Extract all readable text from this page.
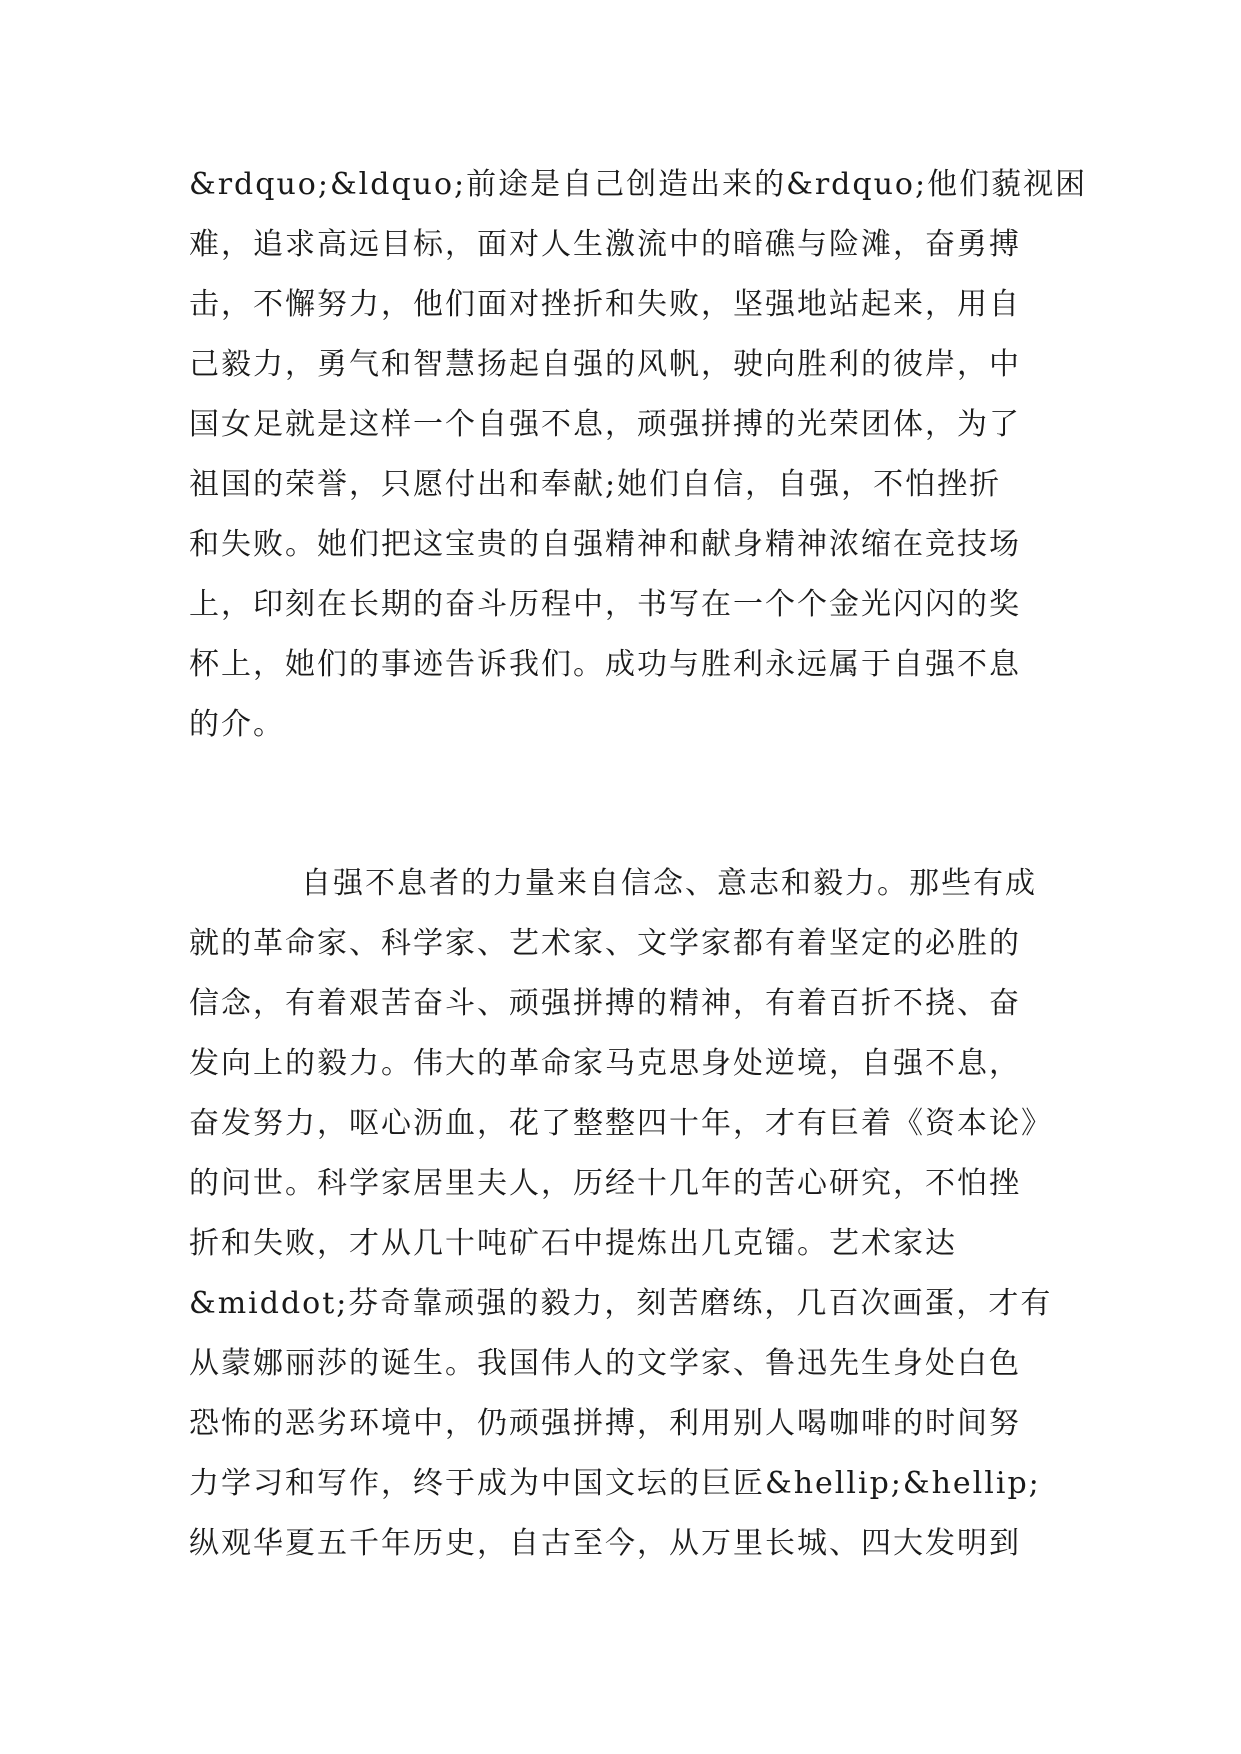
&rdquo;&ldquo;前途是自己创造出来的&rdquo;他们藐视困

难，追求高远目标，面对人生激流中的暗礁与险滩，奋勇搏

击，不懈努力，他们面对挫折和失败，坚强地站起来，用自

己毅力，勇气和智慧扬起自强的风帆，驶向胜利的彼岸，中

国女足就是这样一个自强不息，顽强拼搏的光荣团体，为了

祖国的荣誉，只愿付出和奉献;她们自信，自强，不怕挫折

和失败。她们把这宝贵的自强精神和献身精神浓缩在竞技场

上，印刻在长期的奋斗历程中，书写在一个个金光闪闪的奖

杯上，她们的事迹告诉我们。成功与胜利永远属于自强不息

的介。

自强不息者的力量来自信念、意志和毅力。那些有成

就的革命家、科学家、艺术家、文学家都有着坚定的必胜的

信念，有着艰苦奋斗、顽强拼搏的精神，有着百折不挠、奋

发向上的毅力。伟大的革命家马克思身处逆境，自强不息，

奋发努力，呕心沥血，花了整整四十年，才有巨着《资本论》

的问世。科学家居里夫人，历经十几年的苦心研究，不怕挫

折和失败，才从几十吨矿石中提炼出几克镭。艺术家达

&middot;芬奇靠顽强的毅力，刻苦磨练，几百次画蛋，才有

从蒙娜丽莎的诞生。我国伟人的文学家、鲁迅先生身处白色

恐怖的恶劣环境中，仍顽强拼搏，利用别人喝咖啡的时间努

力学习和写作，终于成为中国文坛的巨匠&hellip;&hellip;

纵观华夏五千年历史，自古至今，从万里长城、四大发明到
